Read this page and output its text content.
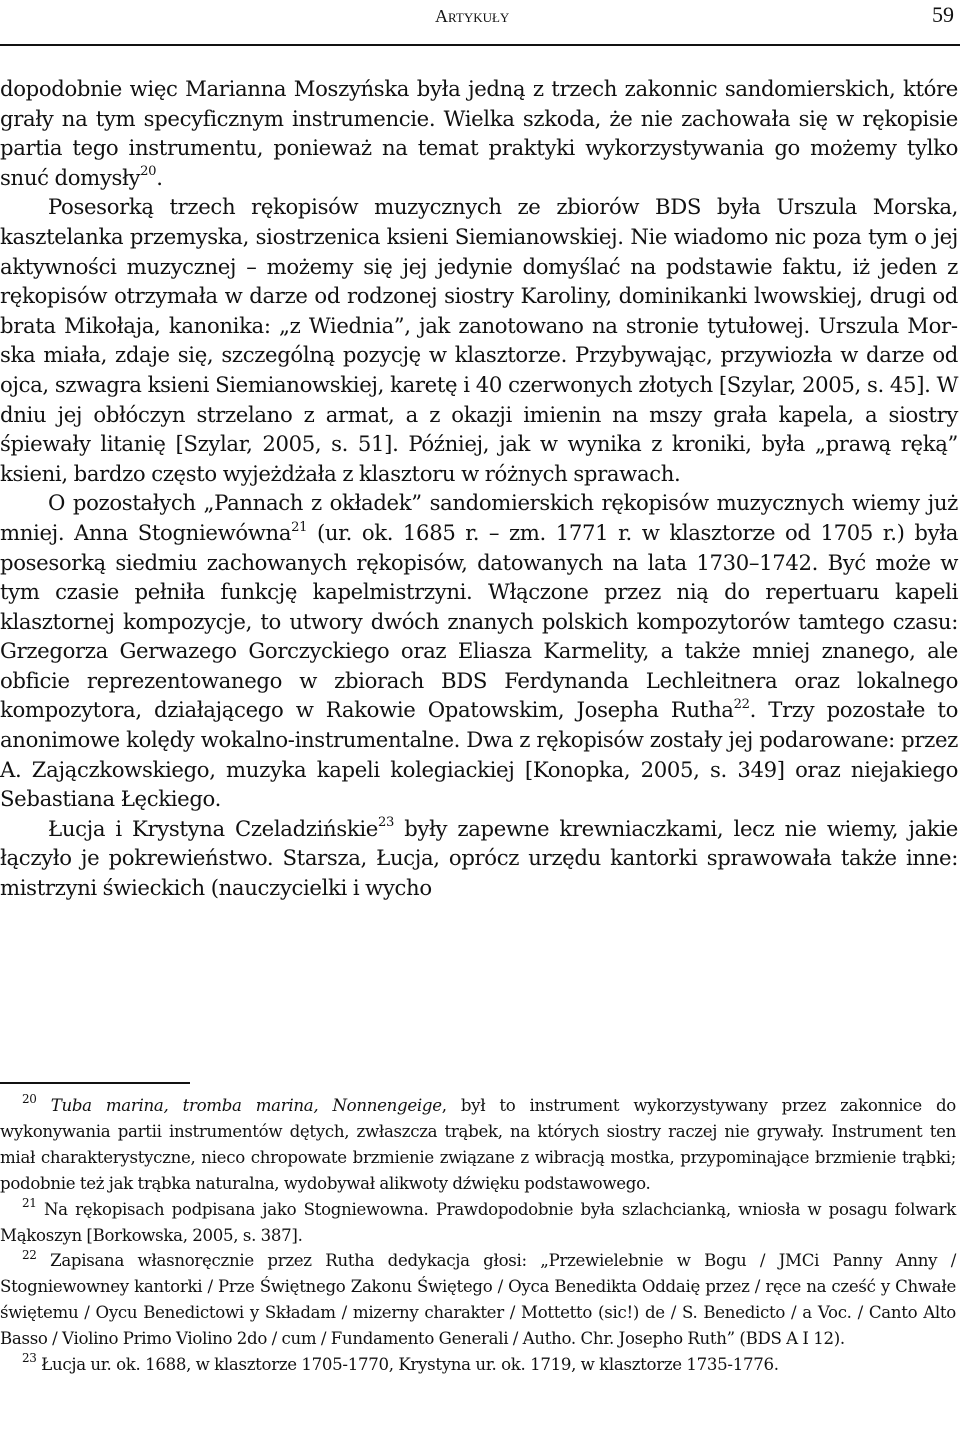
Artykuły	59

dopodobnie więc Marianna Moszyńska była jedną z trzech zakonnic sandomierskich, które grały na tym specyficznym instrumencie. Wielka szkoda, że nie zachowała się w rękopisie partia tego instrumentu, ponieważ na temat praktyki wykorzystywania go możemy tylko snuć domysły$^{20}$.

Posesorką trzech rękopisów muzycznych ze zbiorów BDS była Urszula Morska, kasztelanka przemyska, siostrzenica ksieni Siemianowskiej. Nie wiadomo nic poza tym o jej aktywności muzycznej – możemy się jej jedynie domyślać na podstawie faktu, iż jeden z rękopisów otrzymała w darze od rodzonej siostry Karoliny, dominikanki lwowskiej, drugi od brata Mikołaja, kanonika: „z Wiednia”, jak zanotowano na stronie tytułowej. Urszula Morska miała, zdaje się, szczególną pozycję w klasztorze. Przybywając, przywiozła w darze od ojca, szwagra ksieni Siemianowskiej, karetę i 40 czerwonych złotych [Szylar, 2005, s. 45]. W dniu jej obłóczyn strzelano z armat, a z okazji imienin na mszy grała kapela, a siostry śpiewały litanię [Szylar, 2005, s. 51]. Później, jak w wynika z kroniki, była „prawą ręką” ksieni, bardzo często wyjeżdżała z klasztoru w różnych sprawach.

O pozostałych „Pannach z okładek” sandomierskich rękopisów muzycznych wiemy już mniej. Anna Stogniewówna$^{21}$ (ur. ok. 1685 r. – zm. 1771 r. w klasztorze od 1705 r.) była posesorką siedmiu zachowanych rękopisów, datowanych na lata 1730–1742. Być może w tym czasie pełniła funkcję kapelmistrzyni. Włączone przez nią do repertuaru kapeli klasztornej kompozycje, to utwory dwóch znanych polskich kompozytorów tamtego czasu: Grzegorza Gerwazego Gorczyckiego oraz Eliasza Karmelity, a także mniej znanego, ale obficie reprezentowanego w zbiorach BDS Ferdynanda Lechleitnera oraz lokalnego kompozytora, działającego w Rakowie Opatowskim, Josepha Rutha$^{22}$. Trzy pozostałe to anonimowe kolędy wokalno-instrumentalne. Dwa z rękopisów zostały jej podarowane: przez A. Zajączkowskiego, muzyka kapeli kolegiackiej [Konopka, 2005, s. 349] oraz niejakiego Sebastiana Łęckiego.

Łucja i Krystyna Czeladzińskie$^{23}$ były zapewne krewniaczkami, lecz nie wiemy, jakie łączyło je pokrewieństwo. Starsza, Łucja, oprócz urzędu kantorki sprawowała także inne: mistrzyni świeckich (nauczycielki i wycho

$^{20}$ Tuba marina, tromba marina, Nonnengeige, był to instrument wykorzystywany przez zakonnice do wykonywania partii instrumentów dętych, zwłaszcza trąbek, na których siostry raczej nie grywały. Instrument ten miał charakterystyczne, nieco chropowate brzmienie związane z wibracją mostka, przypominające brzmienie trąbki; podobnie też jak trąbka naturalna, wydobywał alikwoty dźwięku podstawowego.

$^{21}$ Na rękopisach podpisana jako Stogniewowna. Prawdopodobnie była szlachcianką, wniosła w posagu folwark Mąkoszyn [Borkowska, 2005, s. 387].

$^{22}$ Zapisana własnoręcznie przez Rutha dedykacja głosi: „Przewielebnie w Bogu / JMCi Panny Anny / Stogniewowney kantorki / Prze Świętnego Zakonu Świętego / Oyca Benedikta Oddaię przez / ręce na cześć y Chwałe świętemu / Oycu Benedictowi y Składam / mizerny charakter / Mottetto (sic!) de / S. Benedicto / a Voc. / Canto Alto Basso / Violino Primo Violino 2do / cum / Fundamento Generali / Autho. Chr. Josepho Ruth” (BDS A I 12).

$^{23}$ Łucja ur. ok. 1688, w klasztorze 1705-1770, Krystyna ur. ok. 1719, w klasztorze 1735-1776.
